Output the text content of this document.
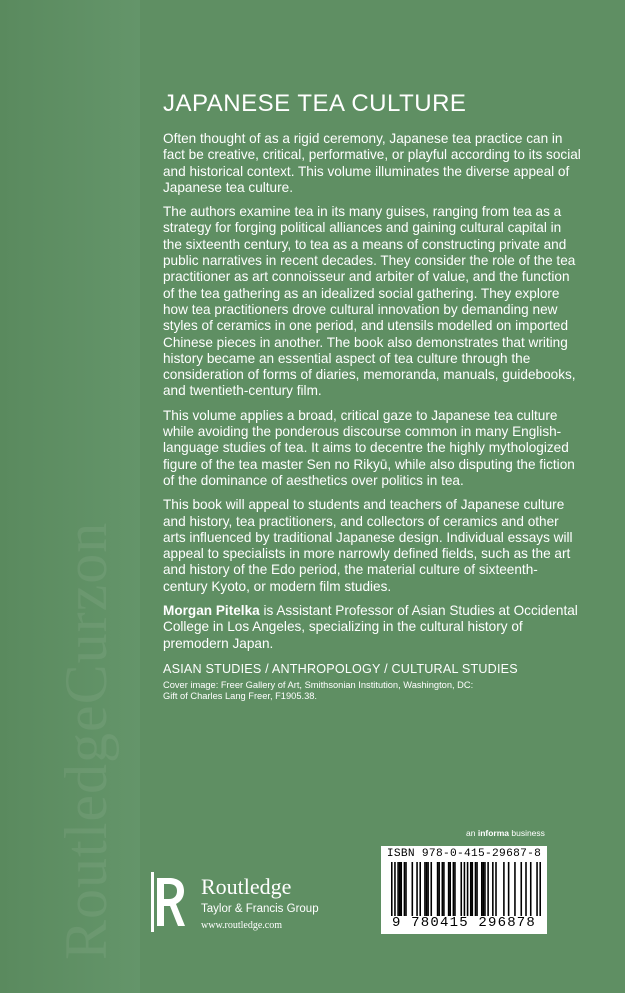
RoutledgeCurzon
JAPANESE TEA CULTURE

Often thought of as a rigid ceremony, Japanese tea practice can in fact be creative, critical, performative, or playful according to its social and historical context. This volume illuminates the diverse appeal of Japanese tea culture.

The authors examine tea in its many guises, ranging from tea as a strategy for forging political alliances and gaining cultural capital in the sixteenth century, to tea as a means of constructing private and public narratives in recent decades. They consider the role of the tea practitioner as art connoisseur and arbiter of value, and the function of the tea gathering as an idealized social gathering. They explore how tea practitioners drove cultural innovation by demanding new styles of ceramics in one period, and utensils modelled on imported Chinese pieces in another. The book also demonstrates that writing history became an essential aspect of tea culture through the consideration of forms of diaries, memoranda, manuals, guidebooks, and twentieth-century film.

This volume applies a broad, critical gaze to Japanese tea culture while avoiding the ponderous discourse common in many English-language studies of tea. It aims to decentre the highly mythologized figure of the tea master Sen no Rikyū, while also disputing the fiction of the dominance of aesthetics over politics in tea.

This book will appeal to students and teachers of Japanese culture and history, tea practitioners, and collectors of ceramics and other arts influenced by traditional Japanese design. Individual essays will appeal to specialists in more narrowly defined fields, such as the art and history of the Edo period, the material culture of sixteenth-century Kyoto, or modern film studies.

Morgan Pitelka is Assistant Professor of Asian Studies at Occidental College in Los Angeles, specializing in the cultural history of premodern Japan.

ASIAN STUDIES / ANTHROPOLOGY / CULTURAL STUDIES

Cover image: Freer Gallery of Art, Smithsonian Institution, Washington, DC:
Gift of Charles Lang Freer, F1905.38.

an informa business
ISBN 978-0-415-29687-8
9 780415 296878
Routledge
Taylor & Francis Group
www.routledge.com
